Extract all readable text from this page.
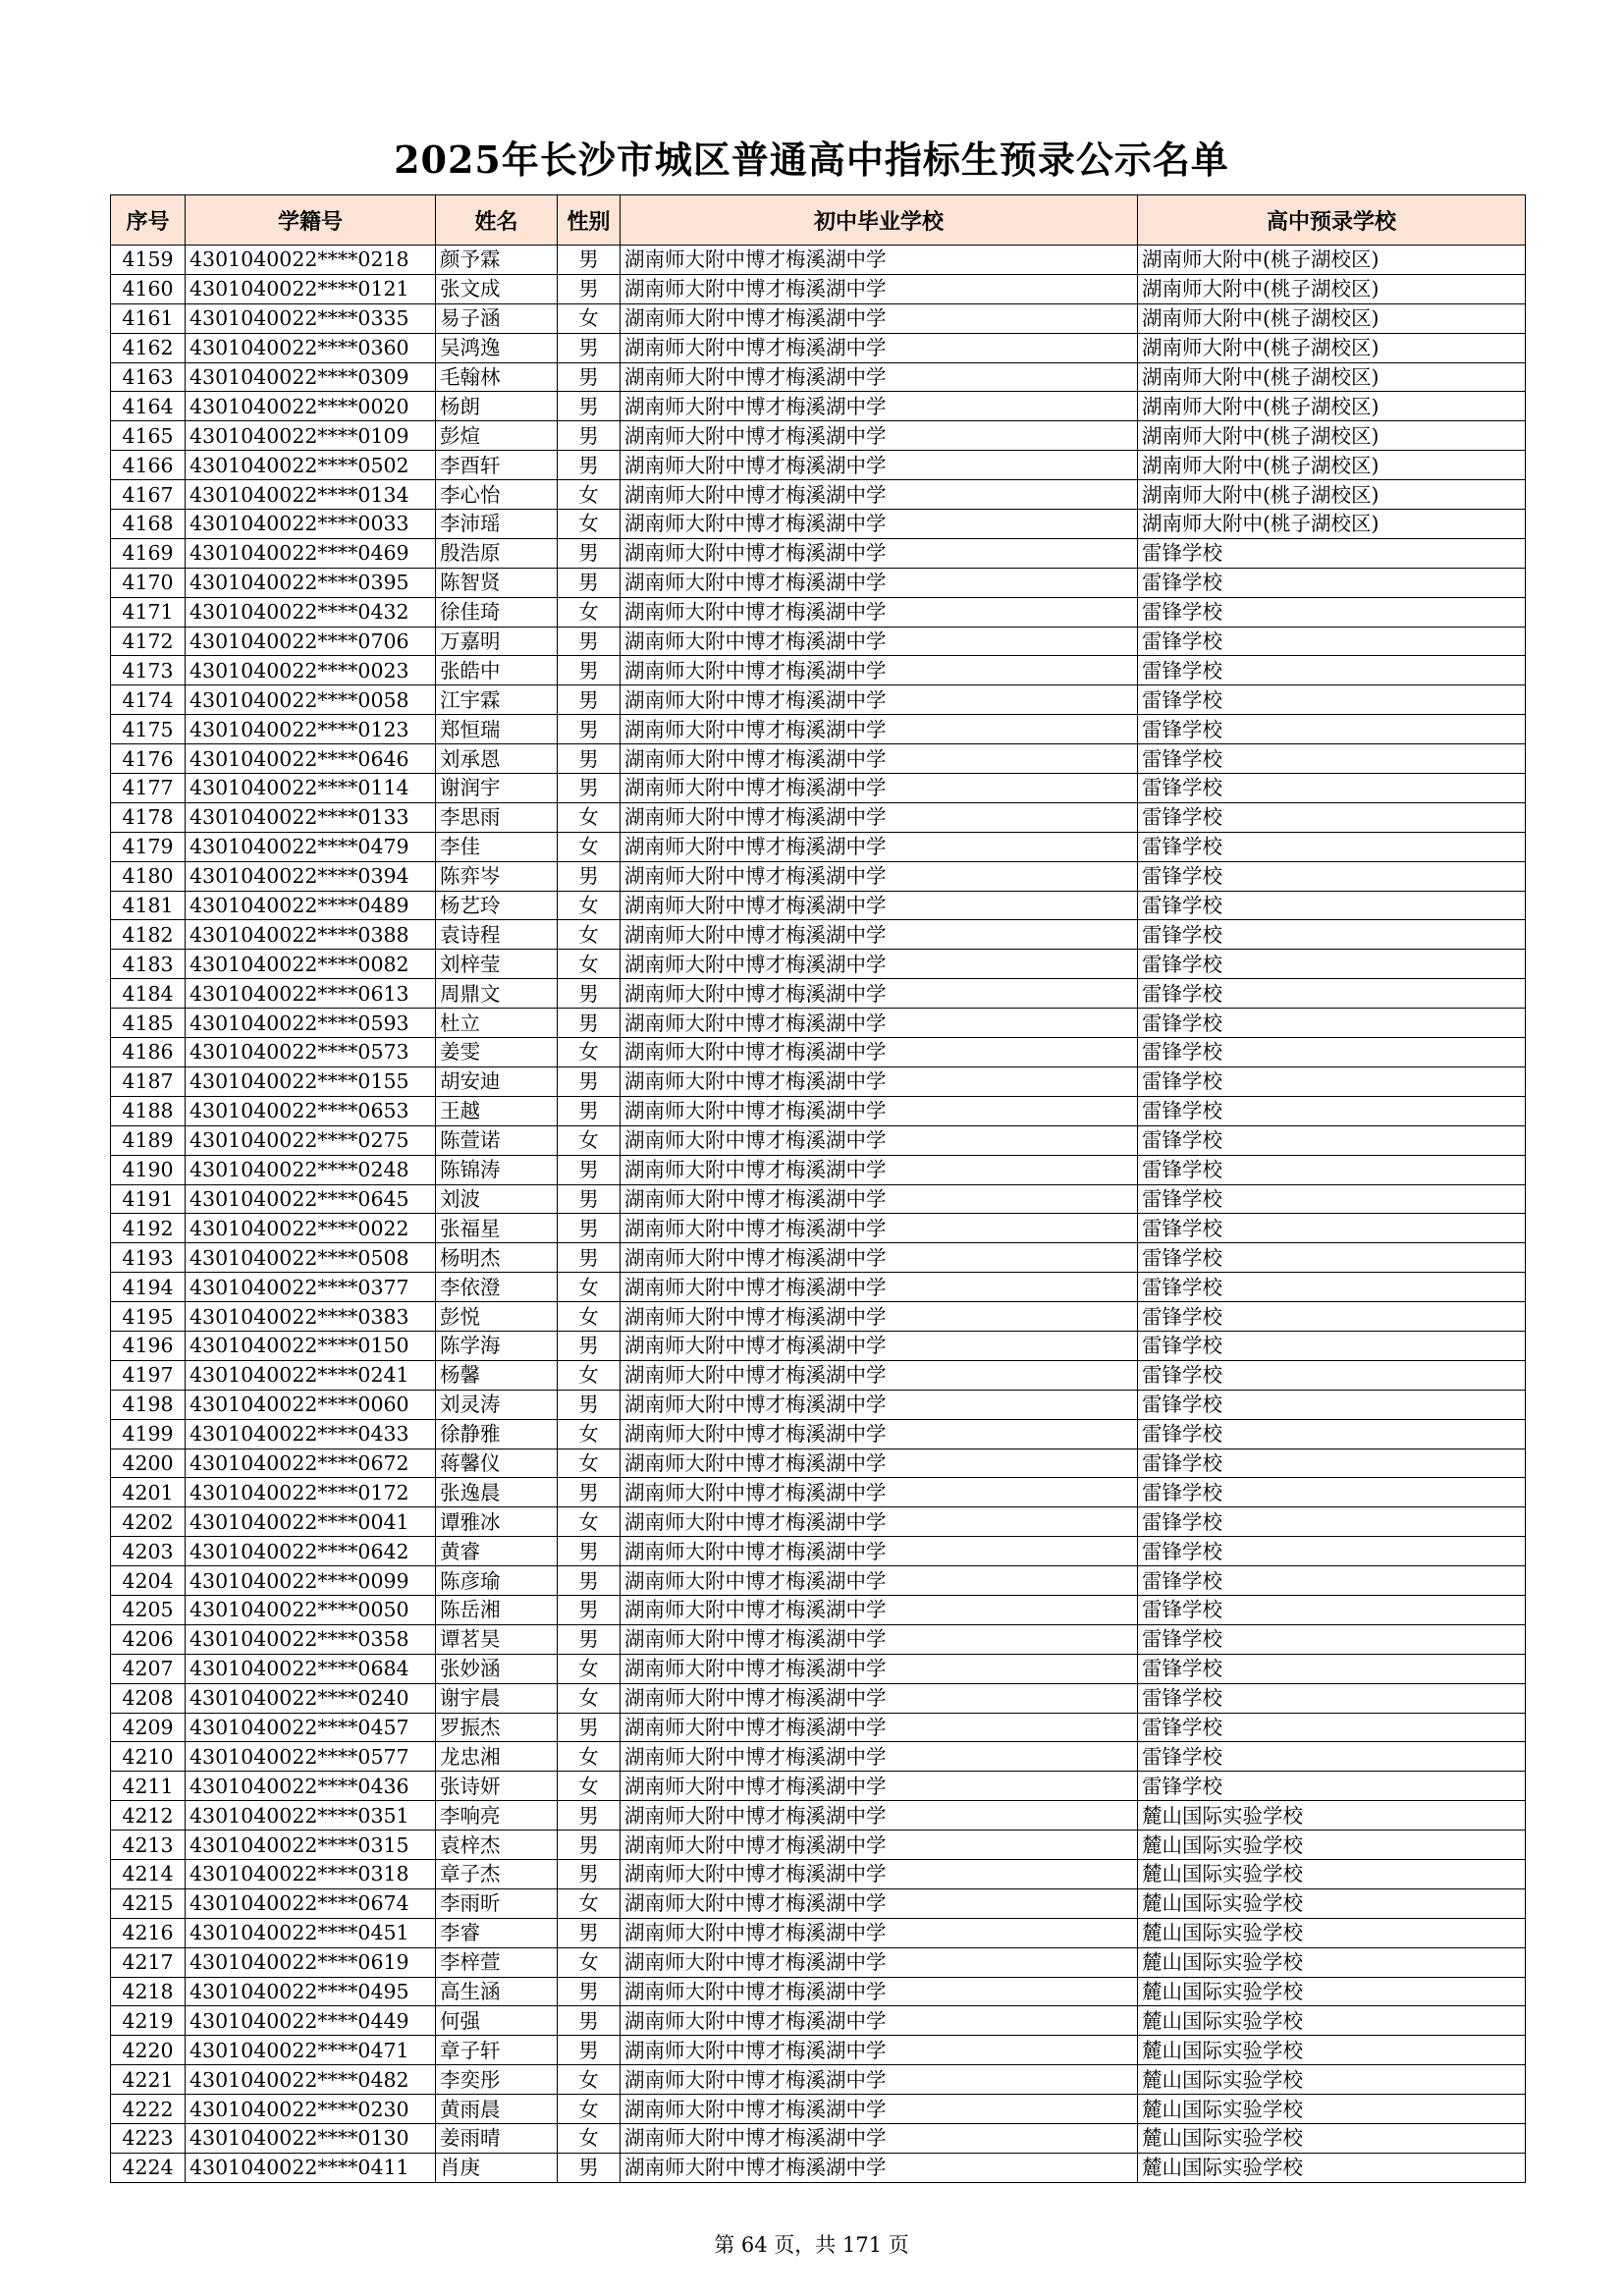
2025年长沙市城区普通高中指标生预录公示名单
序号	学籍号	姓名	性别	初中毕业学校	高中预录学校
4159	4301040022****0218	颜予霖	男	湖南师大附中博才梅溪湖中学	湖南师大附中(桃子湖校区)
4160	4301040022****0121	张文成	男	湖南师大附中博才梅溪湖中学	湖南师大附中(桃子湖校区)
4161	4301040022****0335	易子涵	女	湖南师大附中博才梅溪湖中学	湖南师大附中(桃子湖校区)
4162	4301040022****0360	吴鸿逸	男	湖南师大附中博才梅溪湖中学	湖南师大附中(桃子湖校区)
4163	4301040022****0309	毛翰林	男	湖南师大附中博才梅溪湖中学	湖南师大附中(桃子湖校区)
4164	4301040022****0020	杨朗	男	湖南师大附中博才梅溪湖中学	湖南师大附中(桃子湖校区)
4165	4301040022****0109	彭煊	男	湖南师大附中博才梅溪湖中学	湖南师大附中(桃子湖校区)
4166	4301040022****0502	李酉轩	男	湖南师大附中博才梅溪湖中学	湖南师大附中(桃子湖校区)
4167	4301040022****0134	李心怡	女	湖南师大附中博才梅溪湖中学	湖南师大附中(桃子湖校区)
4168	4301040022****0033	李沛瑶	女	湖南师大附中博才梅溪湖中学	湖南师大附中(桃子湖校区)
4169	4301040022****0469	殷浩原	男	湖南师大附中博才梅溪湖中学	雷锋学校
4170	4301040022****0395	陈智贤	男	湖南师大附中博才梅溪湖中学	雷锋学校
4171	4301040022****0432	徐佳琦	女	湖南师大附中博才梅溪湖中学	雷锋学校
4172	4301040022****0706	万嘉明	男	湖南师大附中博才梅溪湖中学	雷锋学校
4173	4301040022****0023	张皓中	男	湖南师大附中博才梅溪湖中学	雷锋学校
4174	4301040022****0058	江宇霖	男	湖南师大附中博才梅溪湖中学	雷锋学校
4175	4301040022****0123	郑恒瑞	男	湖南师大附中博才梅溪湖中学	雷锋学校
4176	4301040022****0646	刘承恩	男	湖南师大附中博才梅溪湖中学	雷锋学校
4177	4301040022****0114	谢润宇	男	湖南师大附中博才梅溪湖中学	雷锋学校
4178	4301040022****0133	李思雨	女	湖南师大附中博才梅溪湖中学	雷锋学校
4179	4301040022****0479	李佳	女	湖南师大附中博才梅溪湖中学	雷锋学校
4180	4301040022****0394	陈弈岑	男	湖南师大附中博才梅溪湖中学	雷锋学校
4181	4301040022****0489	杨艺玲	女	湖南师大附中博才梅溪湖中学	雷锋学校
4182	4301040022****0388	袁诗程	女	湖南师大附中博才梅溪湖中学	雷锋学校
4183	4301040022****0082	刘梓莹	女	湖南师大附中博才梅溪湖中学	雷锋学校
4184	4301040022****0613	周鼎文	男	湖南师大附中博才梅溪湖中学	雷锋学校
4185	4301040022****0593	杜立	男	湖南师大附中博才梅溪湖中学	雷锋学校
4186	4301040022****0573	姜雯	女	湖南师大附中博才梅溪湖中学	雷锋学校
4187	4301040022****0155	胡安迪	男	湖南师大附中博才梅溪湖中学	雷锋学校
4188	4301040022****0653	王越	男	湖南师大附中博才梅溪湖中学	雷锋学校
4189	4301040022****0275	陈萱诺	女	湖南师大附中博才梅溪湖中学	雷锋学校
4190	4301040022****0248	陈锦涛	男	湖南师大附中博才梅溪湖中学	雷锋学校
4191	4301040022****0645	刘波	男	湖南师大附中博才梅溪湖中学	雷锋学校
4192	4301040022****0022	张福星	男	湖南师大附中博才梅溪湖中学	雷锋学校
4193	4301040022****0508	杨明杰	男	湖南师大附中博才梅溪湖中学	雷锋学校
4194	4301040022****0377	李依澄	女	湖南师大附中博才梅溪湖中学	雷锋学校
4195	4301040022****0383	彭悦	女	湖南师大附中博才梅溪湖中学	雷锋学校
4196	4301040022****0150	陈学海	男	湖南师大附中博才梅溪湖中学	雷锋学校
4197	4301040022****0241	杨馨	女	湖南师大附中博才梅溪湖中学	雷锋学校
4198	4301040022****0060	刘灵涛	男	湖南师大附中博才梅溪湖中学	雷锋学校
4199	4301040022****0433	徐静雅	女	湖南师大附中博才梅溪湖中学	雷锋学校
4200	4301040022****0672	蒋馨仪	女	湖南师大附中博才梅溪湖中学	雷锋学校
4201	4301040022****0172	张逸晨	男	湖南师大附中博才梅溪湖中学	雷锋学校
4202	4301040022****0041	谭雅冰	女	湖南师大附中博才梅溪湖中学	雷锋学校
4203	4301040022****0642	黄睿	男	湖南师大附中博才梅溪湖中学	雷锋学校
4204	4301040022****0099	陈彦瑜	男	湖南师大附中博才梅溪湖中学	雷锋学校
4205	4301040022****0050	陈岳湘	男	湖南师大附中博才梅溪湖中学	雷锋学校
4206	4301040022****0358	谭茗昊	男	湖南师大附中博才梅溪湖中学	雷锋学校
4207	4301040022****0684	张妙涵	女	湖南师大附中博才梅溪湖中学	雷锋学校
4208	4301040022****0240	谢宇晨	女	湖南师大附中博才梅溪湖中学	雷锋学校
4209	4301040022****0457	罗振杰	男	湖南师大附中博才梅溪湖中学	雷锋学校
4210	4301040022****0577	龙忠湘	女	湖南师大附中博才梅溪湖中学	雷锋学校
4211	4301040022****0436	张诗妍	女	湖南师大附中博才梅溪湖中学	雷锋学校
4212	4301040022****0351	李响亮	男	湖南师大附中博才梅溪湖中学	麓山国际实验学校
4213	4301040022****0315	袁梓杰	男	湖南师大附中博才梅溪湖中学	麓山国际实验学校
4214	4301040022****0318	章子杰	男	湖南师大附中博才梅溪湖中学	麓山国际实验学校
4215	4301040022****0674	李雨昕	女	湖南师大附中博才梅溪湖中学	麓山国际实验学校
4216	4301040022****0451	李睿	男	湖南师大附中博才梅溪湖中学	麓山国际实验学校
4217	4301040022****0619	李梓萱	女	湖南师大附中博才梅溪湖中学	麓山国际实验学校
4218	4301040022****0495	高生涵	男	湖南师大附中博才梅溪湖中学	麓山国际实验学校
4219	4301040022****0449	何强	男	湖南师大附中博才梅溪湖中学	麓山国际实验学校
4220	4301040022****0471	章子轩	男	湖南师大附中博才梅溪湖中学	麓山国际实验学校
4221	4301040022****0482	李奕彤	女	湖南师大附中博才梅溪湖中学	麓山国际实验学校
4222	4301040022****0230	黄雨晨	女	湖南师大附中博才梅溪湖中学	麓山国际实验学校
4223	4301040022****0130	姜雨晴	女	湖南师大附中博才梅溪湖中学	麓山国际实验学校
4224	4301040022****0411	肖庚	男	湖南师大附中博才梅溪湖中学	麓山国际实验学校
第 64 页，共 171 页
